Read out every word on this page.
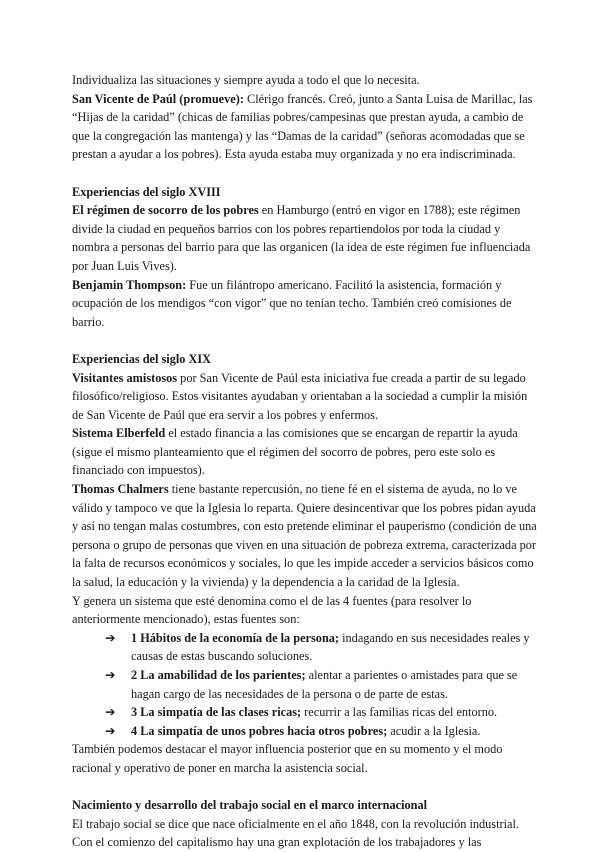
Individualiza las situaciones y siempre ayuda a todo el que lo necesita.

San Vicente de Paúl (promueve): Clérigo francés. Creó, junto a Santa Luisa de Marillac, las “Hijas de la caridad” (chicas de familias pobres/campesinas que prestan ayuda, a cambio de que la congregación las mantenga) y las “Damas de la caridad” (señoras acomodadas que se prestan a ayudar a los pobres). Esta ayuda estaba muy organizada y no era indiscriminada.

Experiencias del siglo XVIII

El régimen de socorro de los pobres en Hamburgo (entró en vigor en 1788); este régimen divide la ciudad en pequeños barrios con los pobres repartiendolos por toda la ciudad y nombra a personas del barrio para que las organicen (la idea de este régimen fue influenciada por Juan Luis Vives).

Benjamin Thompson: Fue un filántropo americano. Facilitó la asistencia, formación y ocupación de los mendigos “con vigor” que no tenían techo. También creó comisiones de barrio.

Experiencias del siglo XIX

Visitantes amistosos por San Vicente de Paúl esta iniciativa fue creada a partir de su legado filosófico/religioso. Estos visitantes ayudaban y orientaban a la sociedad a cumplir la misión de San Vicente de Paúl que era servir a los pobres y enfermos.

Sistema Elberfeld el estado financia a las comisiones que se encargan de repartir la ayuda (sigue el mismo planteamiento que el régimen del socorro de pobres, pero este solo es financiado con impuestos).

Thomas Chalmers tiene bastante repercusión, no tiene fé en el sistema de ayuda, no lo ve válido y tampoco ve que la Iglesia lo reparta. Quiere desincentivar que los pobres pidan ayuda y así no tengan malas costumbres, con esto pretende eliminar el pauperismo (condición de una persona o grupo de personas que viven en una situación de pobreza extrema, caracterizada por la falta de recursos económicos y sociales, lo que les impide acceder a servicios básicos como la salud, la educación y la vivienda) y la dependencia a la caridad de la Iglesia.

Y genera un sistema que esté denomina como el de las 4 fuentes (para resolver lo anteriormente mencionado), estas fuentes son:

➔ 1 Hábitos de la economía de la persona; indagando en sus necesidades reales y causas de estas buscando soluciones.
➔ 2 La amabilidad de los parientes; alentar a parientes o amistades para que se hagan cargo de las necesidades de la persona o de parte de estas.
➔ 3 La simpatía de las clases ricas; recurrir a las familias ricas del entorno.
➔ 4 La simpatía de unos pobres hacia otros pobres; acudir a la Iglesia.

También podemos destacar el mayor influencia posterior que en su momento y el modo racional y operativo de poner en marcha la asistencia social.

Nacimiento y desarrollo del trabajo social en el marco internacional

El trabajo social se dice que nace oficialmente en el año 1848, con la revolución industrial. Con el comienzo del capitalismo hay una gran explotación de los trabajadores y las
